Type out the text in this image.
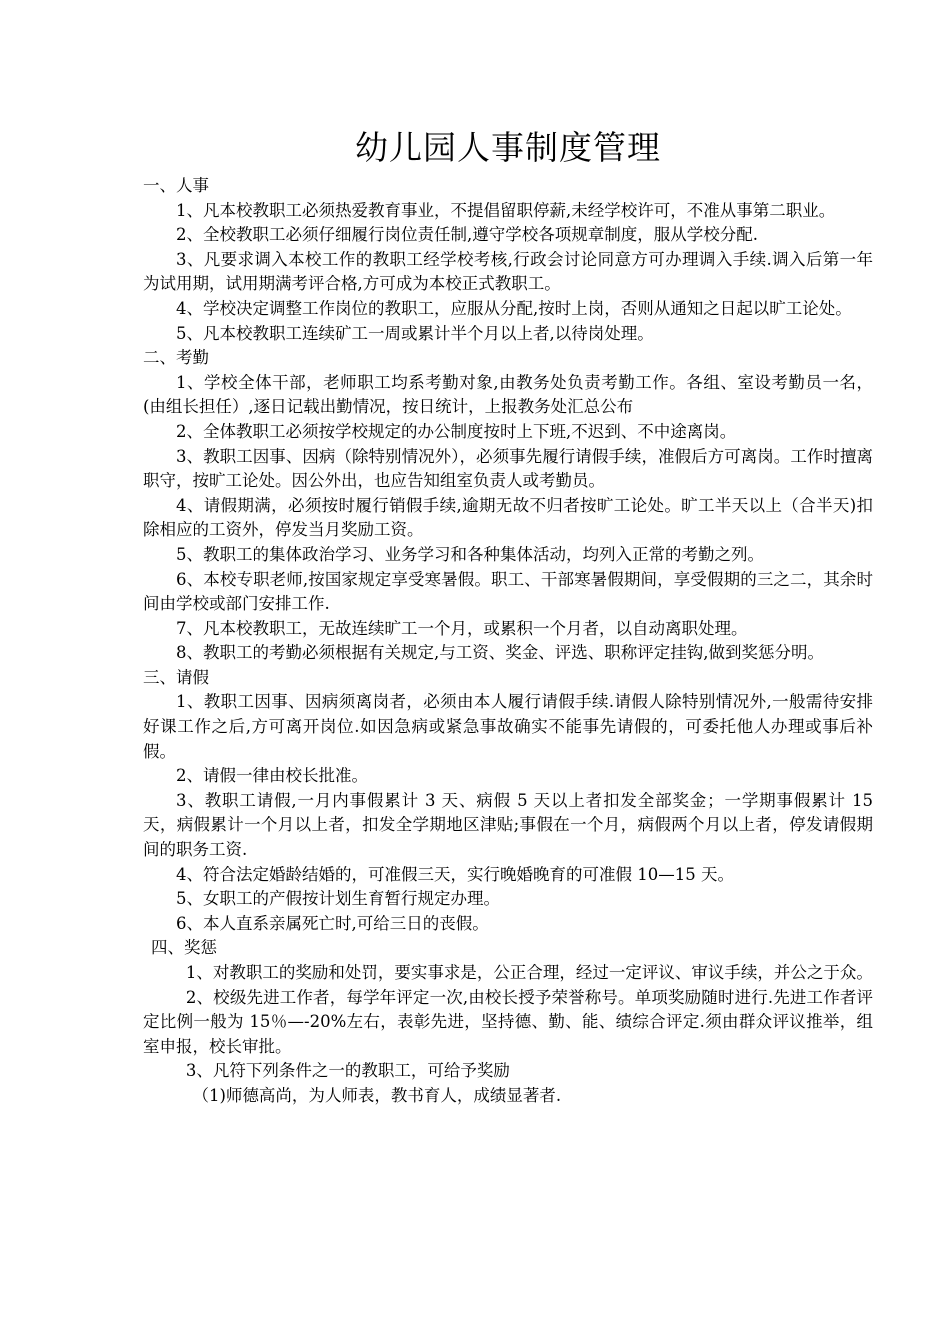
幼儿园人事制度管理

一、人事

1、凡本校教职工必须热爱教育事业，不提倡留职停薪,未经学校许可，不准从事第二职业。

2、全校教职工必须仔细履行岗位责任制,遵守学校各项规章制度，服从学校分配.

3、凡要求调入本校工作的教职工经学校考核,行政会讨论同意方可办理调入手续.调入后第一年为试用期，试用期满考评合格,方可成为本校正式教职工。

4、学校决定调整工作岗位的教职工，应服从分配,按时上岗，否则从通知之日起以旷工论处。

5、凡本校教职工连续矿工一周或累计半个月以上者,以待岗处理。

二、考勤

1、学校全体干部，老师职工均系考勤对象,由教务处负责考勤工作。各组、室设考勤员一名，(由组长担任）,逐日记载出勤情况，按日统计，上报教务处汇总公布

2、全体教职工必须按学校规定的办公制度按时上下班,不迟到、不中途离岗。

3、教职工因事、因病（除特别情况外），必须事先履行请假手续，准假后方可离岗。工作时擅离职守，按旷工论处。因公外出，也应告知组室负责人或考勤员。

4、请假期满，必须按时履行销假手续,逾期无故不归者按旷工论处。旷工半天以上（合半天)扣除相应的工资外，停发当月奖励工资。

5、教职工的集体政治学习、业务学习和各种集体活动，均列入正常的考勤之列。

6、本校专职老师,按国家规定享受寒暑假。职工、干部寒暑假期间，享受假期的三之二，其余时间由学校或部门安排工作.

7、凡本校教职工，无故连续旷工一个月，或累积一个月者，以自动离职处理。

8、教职工的考勤必须根据有关规定,与工资、奖金、评选、职称评定挂钩,做到奖惩分明。

三、请假

1、教职工因事、因病须离岗者，必须由本人履行请假手续.请假人除特别情况外,一般需待安排好课工作之后,方可离开岗位.如因急病或紧急事故确实不能事先请假的，可委托他人办理或事后补假。

2、请假一律由校长批准。

3、教职工请假,一月内事假累计 3 天、病假 5 天以上者扣发全部奖金；一学期事假累计 15 天，病假累计一个月以上者，扣发全学期地区津贴;事假在一个月，病假两个月以上者，停发请假期间的职务工资.

4、符合法定婚龄结婚的，可准假三天，实行晚婚晚育的可准假 10—15 天。

5、女职工的产假按计划生育暂行规定办理。

6、本人直系亲属死亡时,可给三日的丧假。

四、奖惩

1、对教职工的奖励和处罚，要实事求是，公正合理，经过一定评议、审议手续，并公之于众。

2、校级先进工作者，每学年评定一次,由校长授予荣誉称号。单项奖励随时进行.先进工作者评定比例一般为 15％—-20%左右，表彰先进，坚持德、勤、能、绩综合评定.须由群众评议推举，组室申报，校长审批。

3、凡符下列条件之一的教职工，可给予奖励

（1)师德高尚，为人师表，教书育人，成绩显著者.
